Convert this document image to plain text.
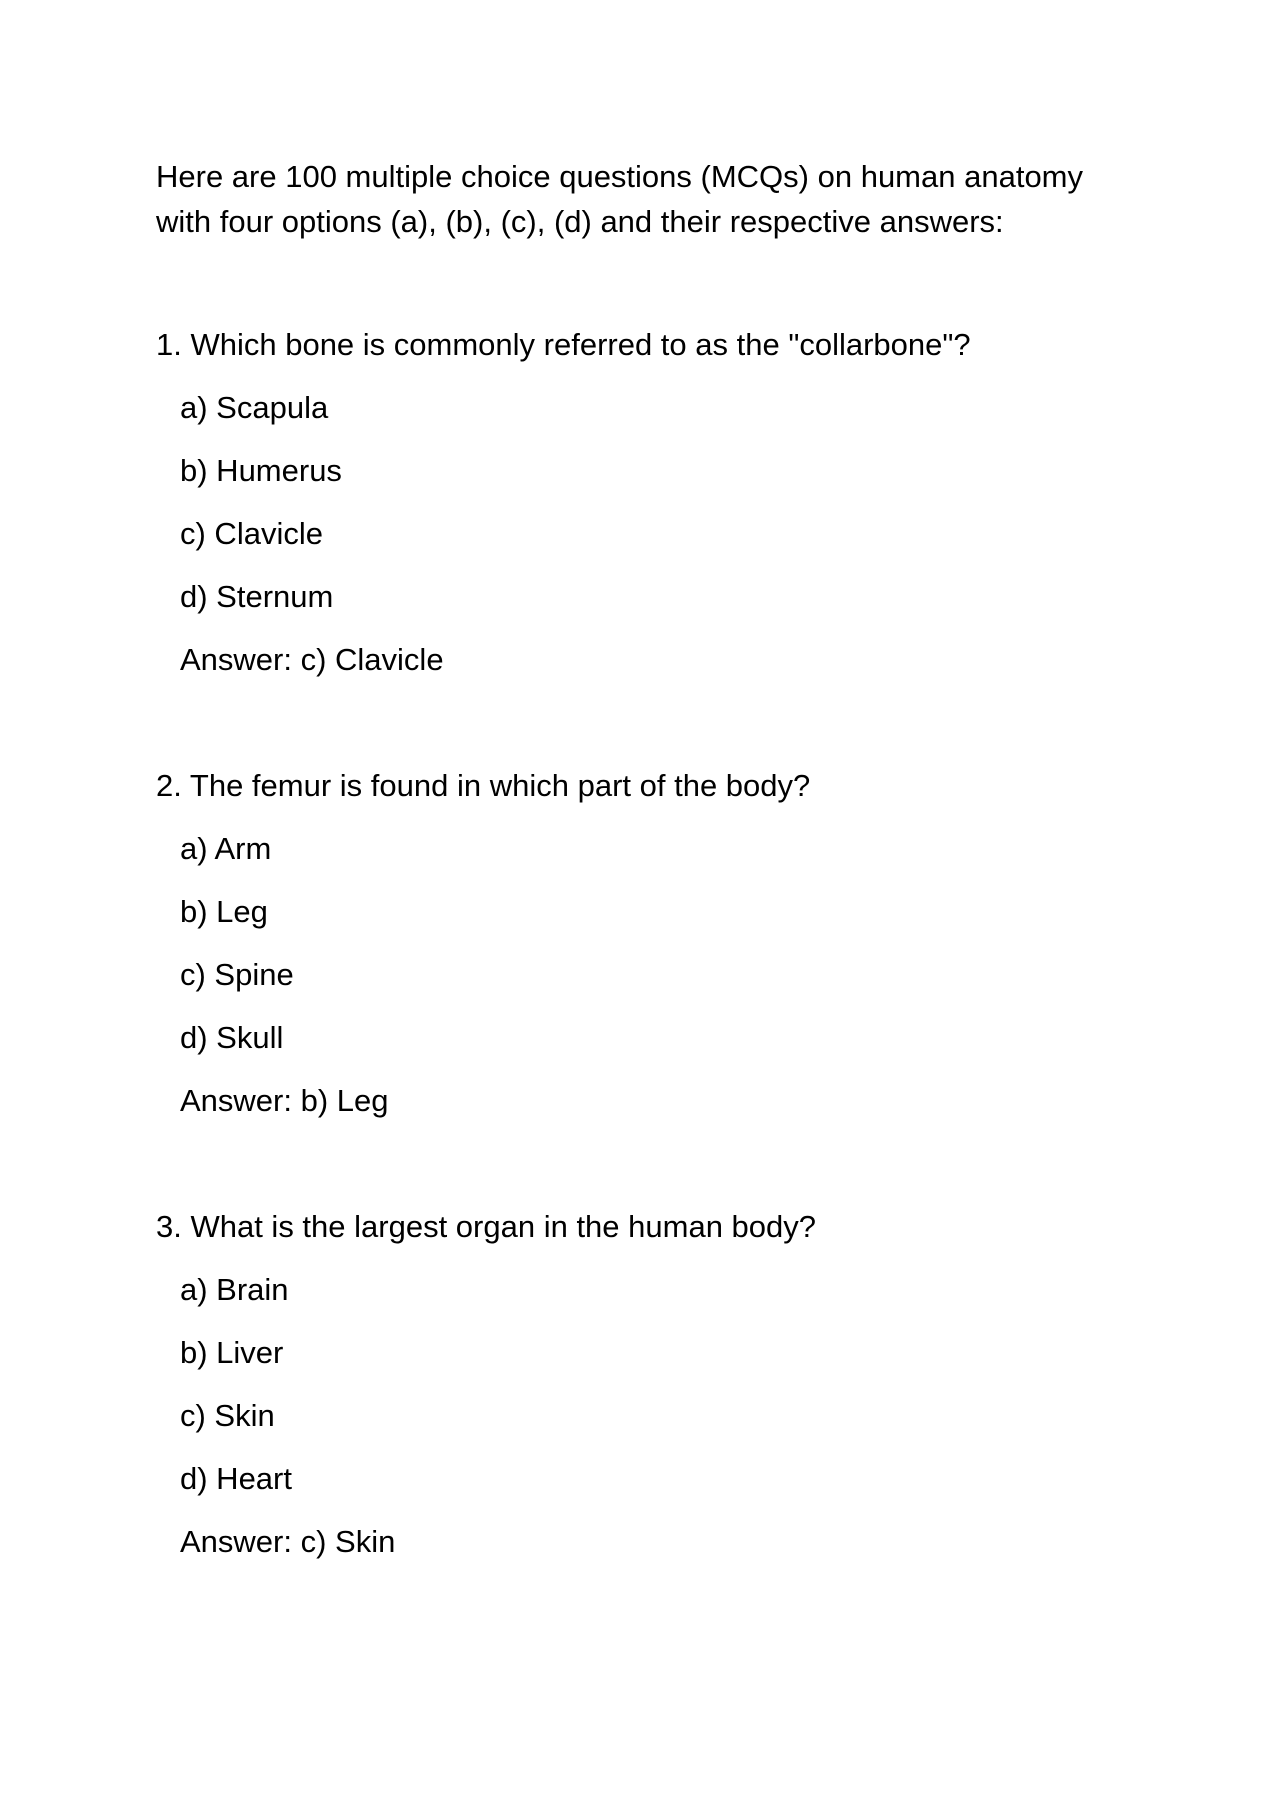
Here are 100 multiple choice questions (MCQs) on human anatomy
with four options (a), (b), (c), (d) and their respective answers:

1. Which bone is commonly referred to as the "collarbone"?

a) Scapula

b) Humerus

c) Clavicle

d) Sternum

Answer: c) Clavicle

2. The femur is found in which part of the body?

a) Arm

b) Leg

c) Spine

d) Skull

Answer: b) Leg

3. What is the largest organ in the human body?

a) Brain

b) Liver

c) Skin

d) Heart

Answer: c) Skin
